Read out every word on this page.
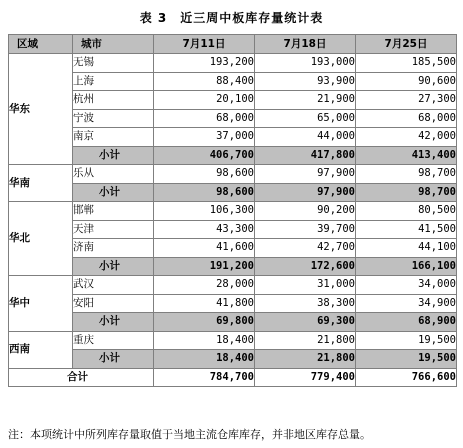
表 3　近三周中板库存量统计表
区域	城市	7月11日	7月18日	7月25日
华东	无锡	193,200	193,000	185,500
	上海	88,400	93,900	90,600
	杭州	20,100	21,900	27,300
	宁波	68,000	65,000	68,000
	南京	37,000	44,000	42,000
	小计	406,700	417,800	413,400
华南	乐从	98,600	97,900	98,700
	小计	98,600	97,900	98,700
华北	邯郸	106,300	90,200	80,500
	天津	43,300	39,700	41,500
	济南	41,600	42,700	44,100
	小计	191,200	172,600	166,100
华中	武汉	28,000	31,000	34,000
	安阳	41,800	38,300	34,900
	小计	69,800	69,300	68,900
西南	重庆	18,400	21,800	19,500
	小计	18,400	21,800	19,500
合计		784,700	779,400	766,600
注：本项统计中所列库存量取值于当地主流仓库库存，并非地区库存总量。
